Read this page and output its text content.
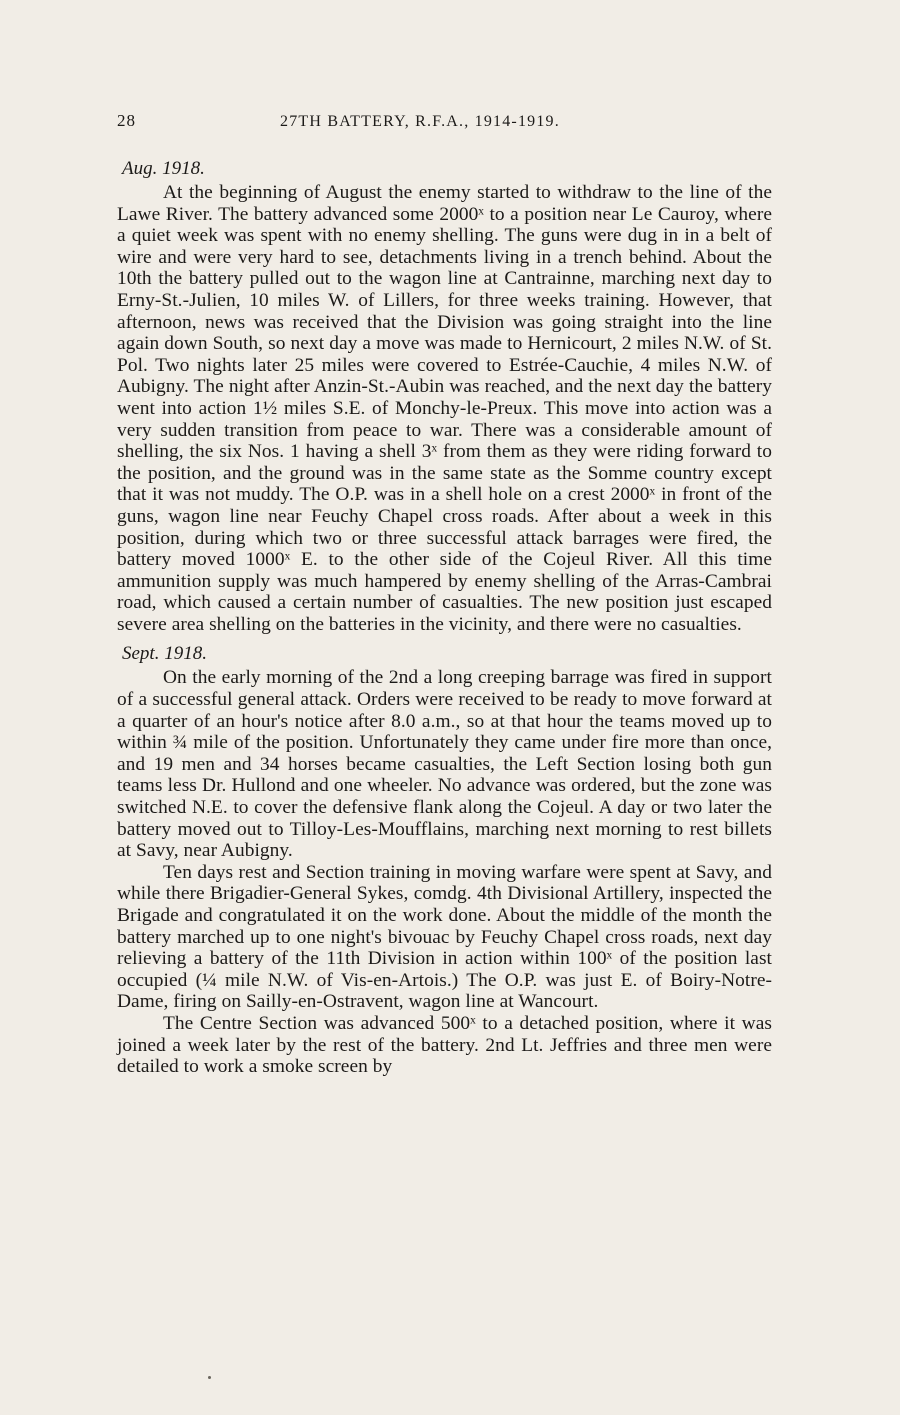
28	27TH BATTERY, R.F.A., 1914-1919.
Aug. 1918.

At the beginning of August the enemy started to withdraw to the line of the Lawe River. The battery advanced some 2000ˣ to a position near Le Cauroy, where a quiet week was spent with no enemy shelling. The guns were dug in in a belt of wire and were very hard to see, detachments living in a trench behind. About the 10th the battery pulled out to the wagon line at Cantrainne, marching next day to Erny-St.-Julien, 10 miles W. of Lillers, for three weeks training. However, that afternoon, news was received that the Division was going straight into the line again down South, so next day a move was made to Hernicourt, 2 miles N.W. of St. Pol. Two nights later 25 miles were covered to Estrée-Cauchie, 4 miles N.W. of Aubigny. The night after Anzin-St.-Aubin was reached, and the next day the battery went into action 1½ miles S.E. of Monchy-le-Preux. This move into action was a very sudden transition from peace to war. There was a considerable amount of shelling, the six Nos. 1 having a shell 3ˣ from them as they were riding forward to the position, and the ground was in the same state as the Somme country except that it was not muddy. The O.P. was in a shell hole on a crest 2000ˣ in front of the guns, wagon line near Feuchy Chapel cross roads. After about a week in this position, during which two or three successful attack barrages were fired, the battery moved 1000ˣ E. to the other side of the Cojeul River. All this time ammunition supply was much hampered by enemy shelling of the Arras-Cambrai road, which caused a certain number of casualties. The new position just escaped severe area shelling on the batteries in the vicinity, and there were no casualties.

Sept. 1918.

On the early morning of the 2nd a long creeping barrage was fired in support of a successful general attack. Orders were received to be ready to move forward at a quarter of an hour's notice after 8.0 a.m., so at that hour the teams moved up to within ¾ mile of the position. Unfortunately they came under fire more than once, and 19 men and 34 horses became casualties, the Left Section losing both gun teams less Dr. Hullond and one wheeler. No advance was ordered, but the zone was switched N.E. to cover the defensive flank along the Cojeul. A day or two later the battery moved out to Tilloy-Les-Moufflains, marching next morning to rest billets at Savy, near Aubigny.

Ten days rest and Section training in moving warfare were spent at Savy, and while there Brigadier-General Sykes, comdg. 4th Divisional Artillery, inspected the Brigade and congratulated it on the work done. About the middle of the month the battery marched up to one night's bivouac by Feuchy Chapel cross roads, next day relieving a battery of the 11th Division in action within 100ˣ of the position last occupied (¼ mile N.W. of Vis-en-Artois.) The O.P. was just E. of Boiry-Notre-Dame, firing on Sailly-en-Ostravent, wagon line at Wancourt.

The Centre Section was advanced 500ˣ to a detached position, where it was joined a week later by the rest of the battery. 2nd Lt. Jeffries and three men were detailed to work a smoke screen by
